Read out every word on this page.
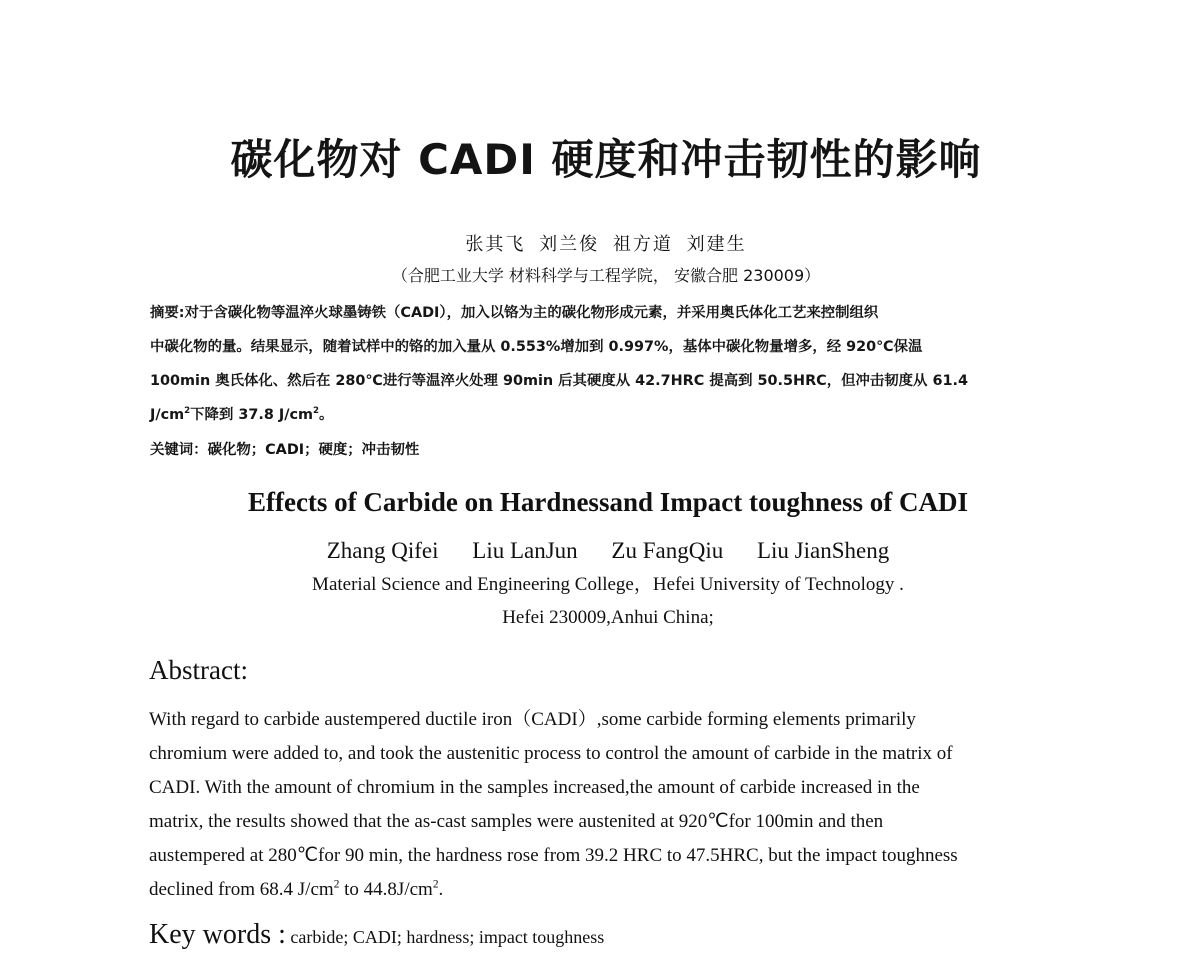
碳化物对 CADI 硬度和冲击韧性的影响
张其飞 刘兰俊 祖方道 刘建生
（合肥工业大学 材料科学与工程学院， 安徽合肥 230009）

摘要:对于含碳化物等温淬火球墨铸铁（CADI），加入以铬为主的碳化物形成元素，并采用奥氏体化工艺来控制组织

中碳化物的量。结果显示，随着试样中的铬的加入量从 0.553%增加到 0.997%，基体中碳化物量增多，经 920℃保温

100min 奥氏体化、然后在 280℃进行等温淬火处理 90min 后其硬度从 42.7HRC 提高到 50.5HRC，但冲击韧度从 61.4

$J/cm^2$下降到 37.8 $J/cm^2$。

关键词：碳化物；CADI；硬度；冲击韧性
Effects of Carbide on Hardnessand Impact toughness of CADI
Zhang Qifei Liu LanJun Zu FangQiu Liu JianSheng
Material Science and Engineering College，Hefei University of Technology .
Hefei 230009,Anhui China;
Abstract:

With regard to carbide austempered ductile iron（CADI）,some carbide forming elements primarily

chromium were added to, and took the austenitic process to control the amount of carbide in the matrix of

CADI. With the amount of chromium in the samples increased,the amount of carbide increased in the

matrix, the results showed that the as-cast samples were austenited at 920℃for 100min and then

austempered at 280℃for 90 min, the hardness rose from 39.2 HRC to 47.5HRC, but the impact toughness

declined from 68.4 $J/cm^2$ to $44.8J/cm^2$.

Key words : carbide; CADI; hardness; impact toughness
